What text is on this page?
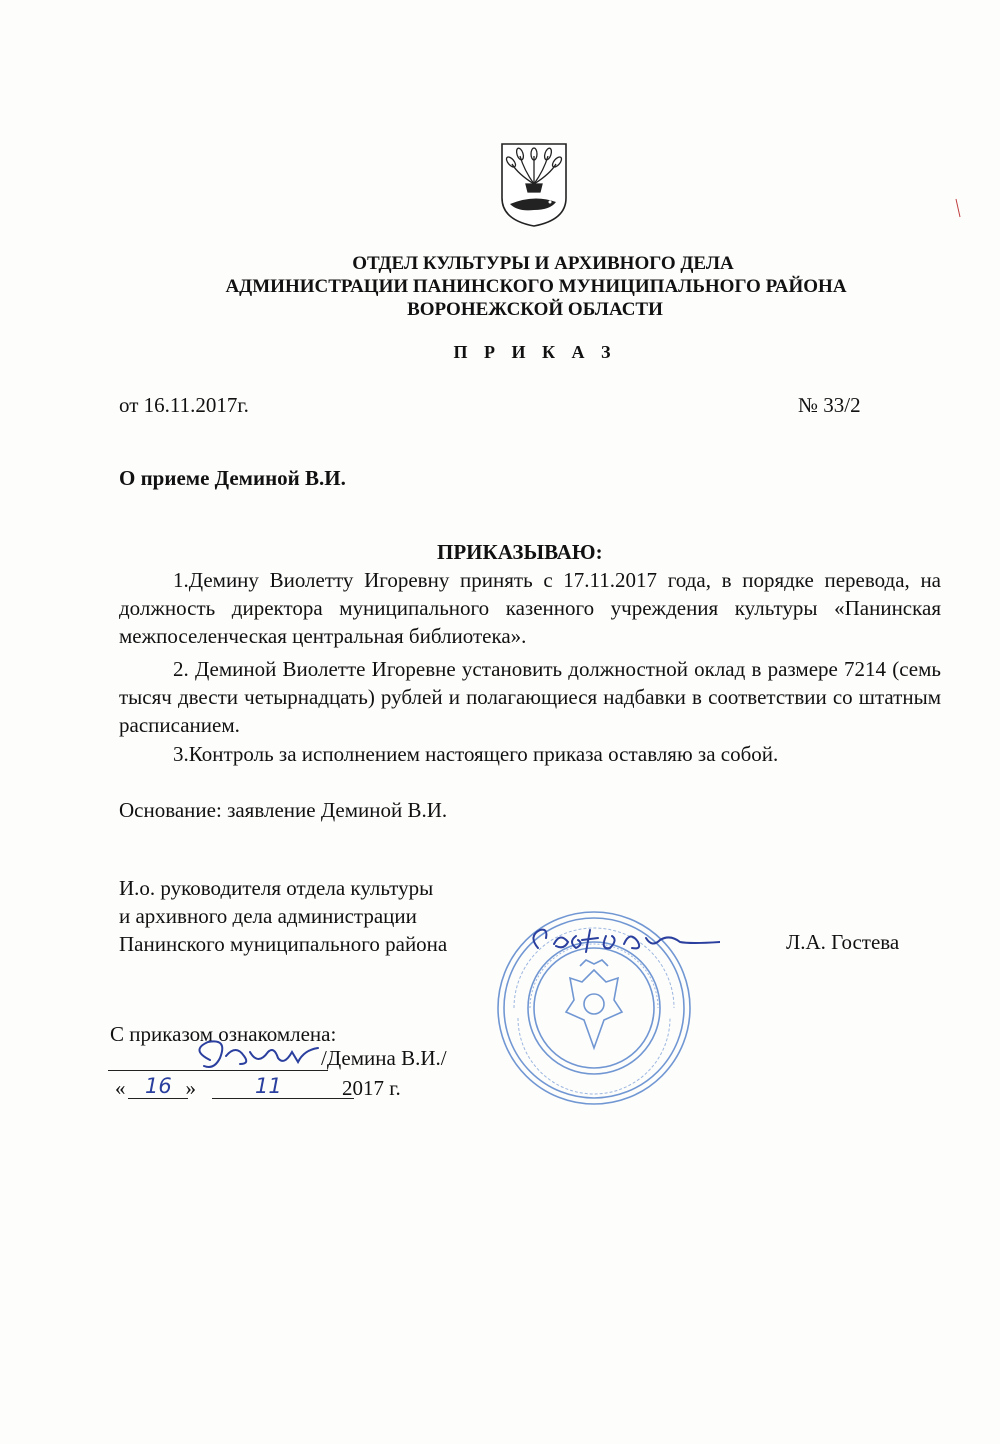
ОТДЕЛ КУЛЬТУРЫ И АРХИВНОГО ДЕЛА
АДМИНИСТРАЦИИ ПАНИНСКОГО МУНИЦИПАЛЬНОГО РАЙОНА
ВОРОНЕЖСКОЙ ОБЛАСТИ
П Р И К А З
от 16.11.2017г.	№ 33/2
О приеме Деминой В.И.
ПРИКАЗЫВАЮ:
1.Демину Виолетту Игоревну принять с 17.11.2017 года, в порядке перевода, на должность директора муниципального казенного учреждения культуры «Панинская межпоселенческая центральная библиотека».
2. Деминой Виолетте Игоревне установить должностной оклад в размере 7214 (семь тысяч двести четырнадцать) рублей и полагающиеся надбавки в соответствии со штатным расписанием.
3.Контроль за исполнением настоящего приказа оставляю за собой.
Основание: заявление Деминой В.И.
И.о. руководителя отдела культуры
и архивного дела администрации
Панинского муниципального района	Л.А. Гостева
С приказом ознакомлена:
/Демина В.И./
«	»	2017 г.
16	11
